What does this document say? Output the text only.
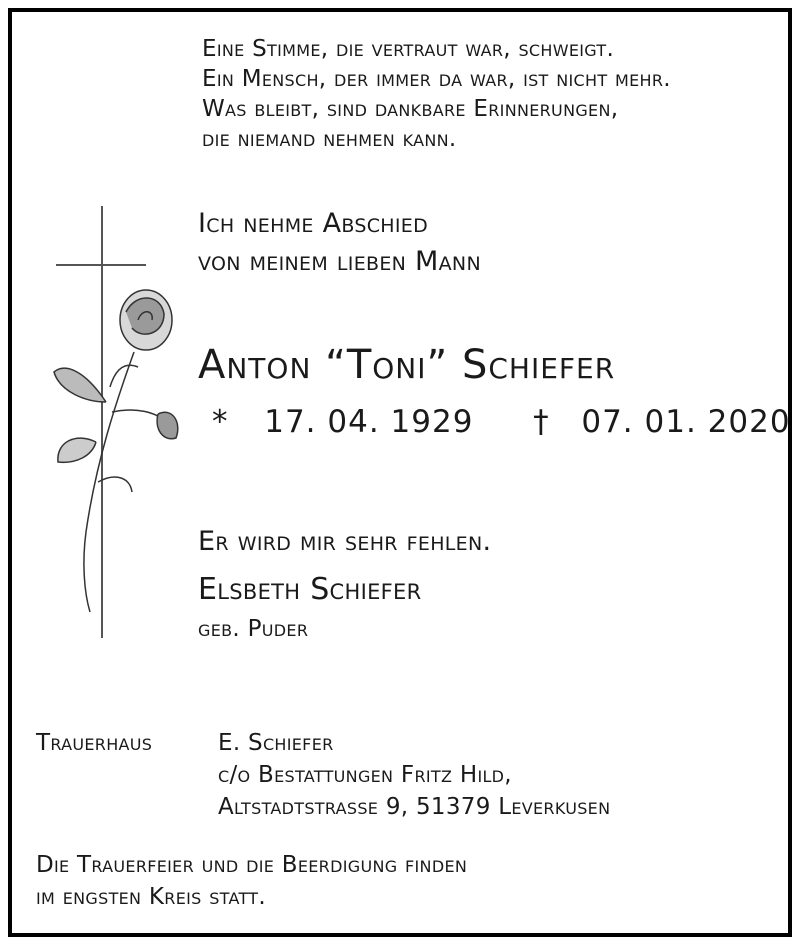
Eine Stimme, die vertraut war, schweigt.
Ein Mensch, der immer da war, ist nicht mehr.
Was bleibt, sind dankbare Erinnerungen,
die niemand nehmen kann.
Ich nehme Abschied
von meinem lieben Mann
Anton “Toni” Schiefer
* 17. 04. 1929 † 07. 01. 2020
Er wird mir sehr fehlen.
Elsbeth Schiefer
geb. Puder
Trauerhaus	E. Schiefer
c/o Bestattungen Fritz Hild,
Altstadtstrasse 9, 51379 Leverkusen
Die Trauerfeier und die Beerdigung finden
im engsten Kreis statt.
